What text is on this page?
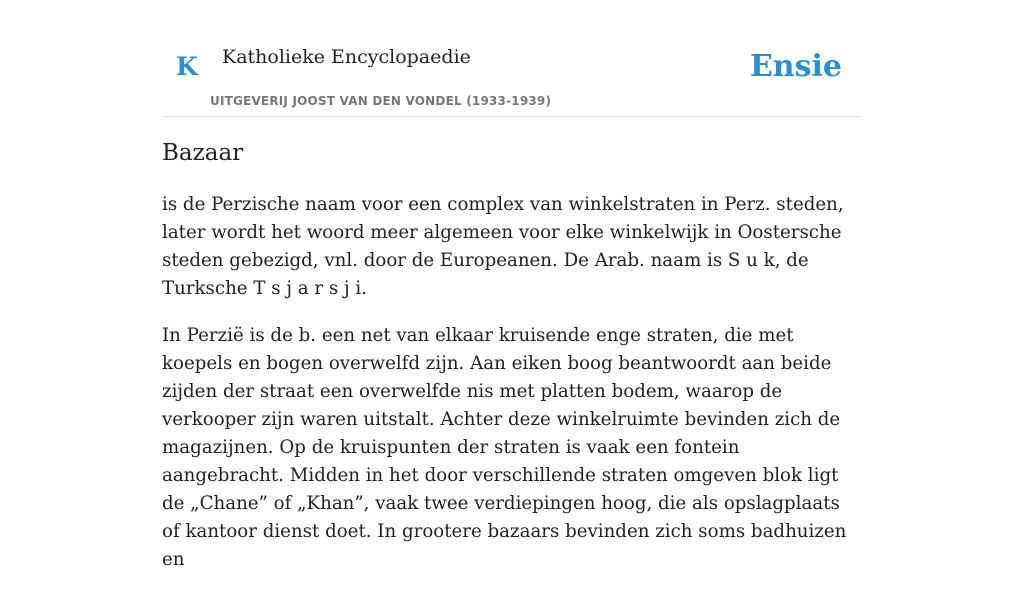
K Katholieke Encyclopaedie
UITGEVERIJ JOOST VAN DEN VONDEL (1933-1939)
Ensie
Bazaar

is de Perzische naam voor een complex van winkelstraten in Perz. steden, later wordt het woord meer algemeen voor elke winkelwijk in Oostersche steden gebezigd, vnl. door de Europeanen. De Arab. naam is S u k, de Turksche T s j a r s j i.

In Perzië is de b. een net van elkaar kruisende enge straten, die met koepels en bogen overwelfd zijn. Aan eiken boog beantwoordt aan beide zijden der straat een overwelfde nis met platten bodem, waarop de verkooper zijn waren uitstalt. Achter deze winkelruimte bevinden zich de magazijnen. Op de kruispunten der straten is vaak een fontein aangebracht. Midden in het door verschillende straten omgeven blok ligt de „Chane” of „Khan”, vaak twee verdiepingen hoog, die als opslagplaats of kantoor dienst doet. In grootere bazaars bevinden zich soms badhuizen en
